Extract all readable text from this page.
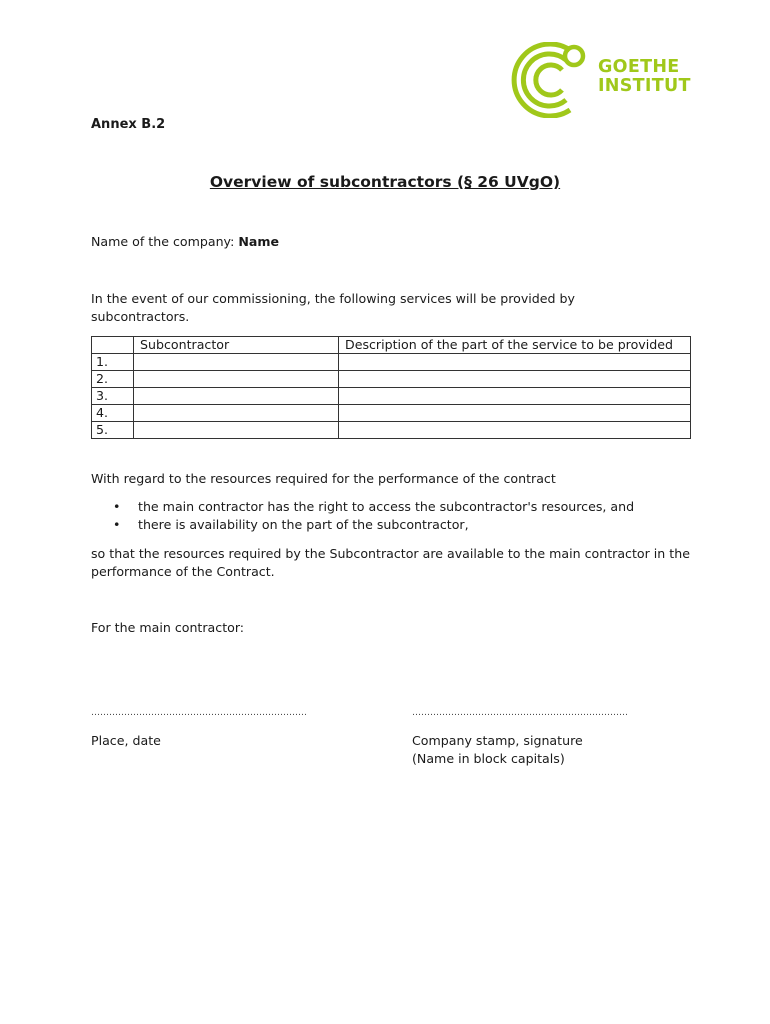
GOETHE
INSTITUT
Annex B.2
Overview of subcontractors (§ 26 UVgO)
Name of the company: Name
In the event of our commissioning, the following services will be provided by subcontractors.
	Subcontractor	Description of the part of the service to be provided
1.		
2.		
3.		
4.		
5.		
With regard to the resources required for the performance of the contract
• the main contractor has the right to access the subcontractor's resources, and
• there is availability on the part of the subcontractor,
so that the resources required by the Subcontractor are available to the main contractor in the performance of the Contract.
For the main contractor:
………………………………………………………………	………………………………………………………………
Place, date	Company stamp, signature
(Name in block capitals)
